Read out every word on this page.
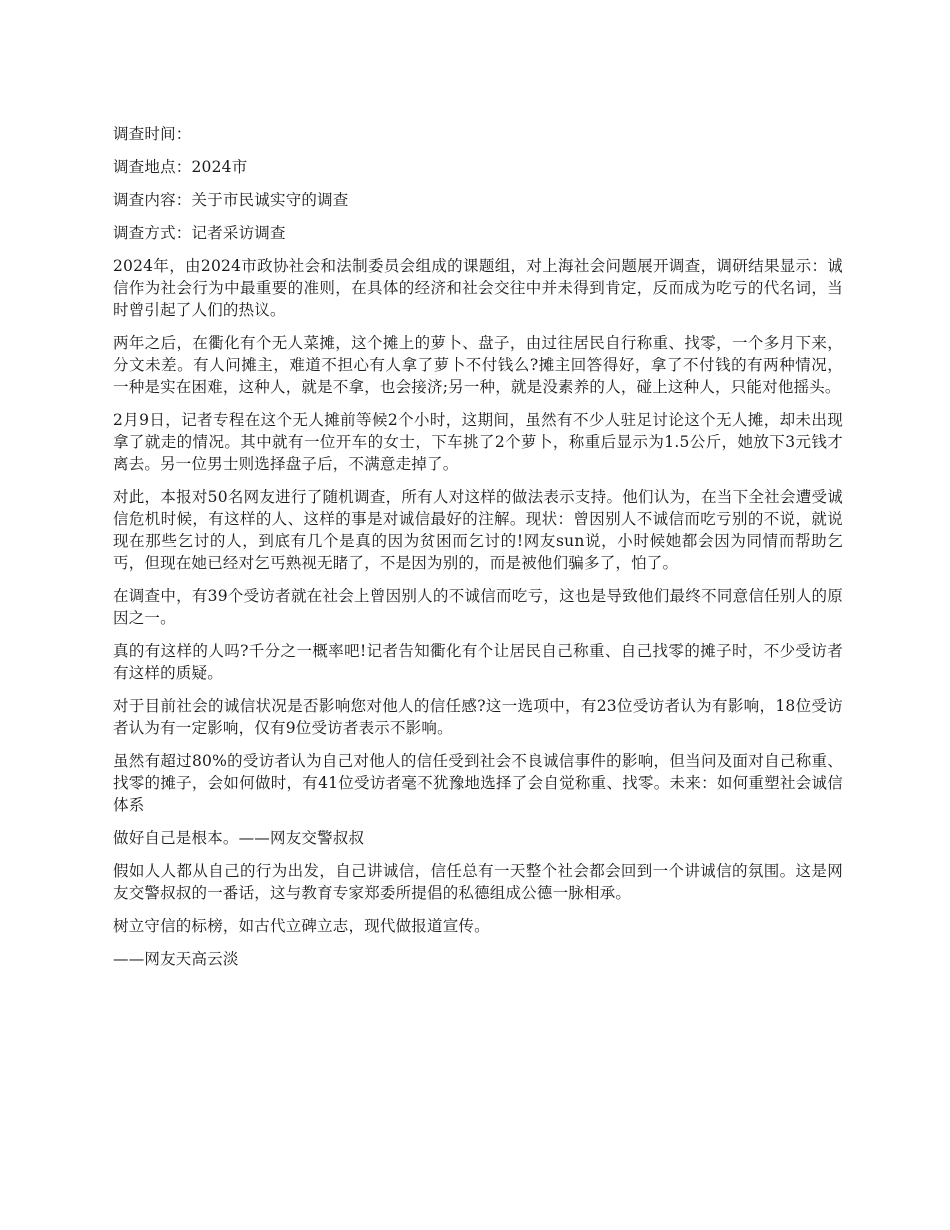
调查时间：

调查地点：2024市

调查内容：关于市民诚实守的调查

调查方式：记者采访调查

2024年，由2024市政协社会和法制委员会组成的课题组，对上海社会问题展开调查，调研结果显示：诚信作为社会行为中最重要的准则，在具体的经济和社会交往中并未得到肯定，反而成为吃亏的代名词，当时曾引起了人们的热议。

两年之后，在衢化有个无人菜摊，这个摊上的萝卜、盘子，由过往居民自行称重、找零，一个多月下来，分文未差。有人问摊主，难道不担心有人拿了萝卜不付钱么?摊主回答得好，拿了不付钱的有两种情况，一种是实在困难，这种人，就是不拿，也会接济;另一种，就是没素养的人，碰上这种人，只能对他摇头。

2月9日，记者专程在这个无人摊前等候2个小时，这期间，虽然有不少人驻足讨论这个无人摊，却未出现拿了就走的情况。其中就有一位开车的女士，下车挑了2个萝卜，称重后显示为1.5公斤，她放下3元钱才离去。另一位男士则选择盘子后，不满意走掉了。

对此，本报对50名网友进行了随机调查，所有人对这样的做法表示支持。他们认为，在当下全社会遭受诚信危机时候，有这样的人、这样的事是对诚信最好的注解。现状：曾因别人不诚信而吃亏别的不说，就说现在那些乞讨的人，到底有几个是真的因为贫困而乞讨的!网友sun说，小时候她都会因为同情而帮助乞丐，但现在她已经对乞丐熟视无睹了，不是因为别的，而是被他们骗多了，怕了。

在调查中，有39个受访者就在社会上曾因别人的不诚信而吃亏，这也是导致他们最终不同意信任别人的原因之一。

真的有这样的人吗?千分之一概率吧!记者告知衢化有个让居民自己称重、自己找零的摊子时，不少受访者有这样的质疑。

对于目前社会的诚信状况是否影响您对他人的信任感?这一选项中，有23位受访者认为有影响，18位受访者认为有一定影响，仅有9位受访者表示不影响。

虽然有超过80%的受访者认为自己对他人的信任受到社会不良诚信事件的影响，但当问及面对自己称重、找零的摊子，会如何做时，有41位受访者毫不犹豫地选择了会自觉称重、找零。未来：如何重塑社会诚信体系

做好自己是根本。——网友交警叔叔

假如人人都从自己的行为出发，自己讲诚信，信任总有一天整个社会都会回到一个讲诚信的氛围。这是网友交警叔叔的一番话，这与教育专家郑委所提倡的私德组成公德一脉相承。

树立守信的标榜，如古代立碑立志，现代做报道宣传。

——网友天高云淡
